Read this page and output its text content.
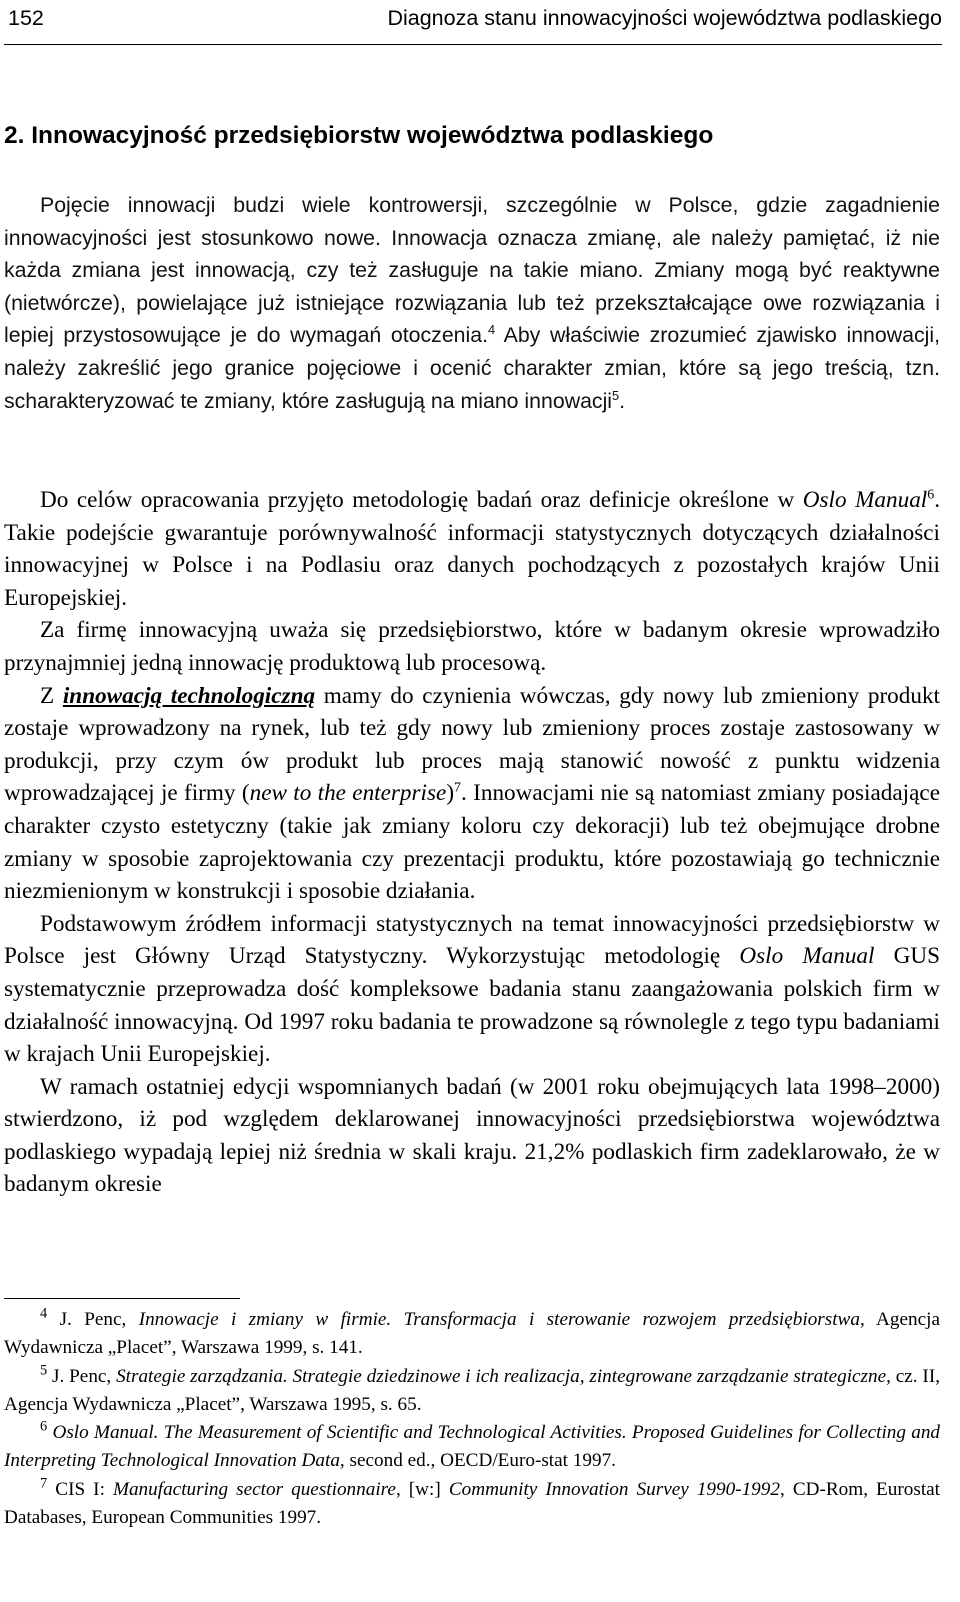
152	Diagnoza stanu innowacyjności województwa podlaskiego
2. Innowacyjność przedsiębiorstw województwa podlaskiego

Pojęcie innowacji budzi wiele kontrowersji, szczególnie w Polsce, gdzie zagadnienie innowacyjności jest stosunkowo nowe. Innowacja oznacza zmianę, ale należy pamiętać, iż nie każda zmiana jest innowacją, czy też zasługuje na takie miano. Zmiany mogą być reaktywne (nietwórcze), powielające już istniejące rozwiązania lub też przekształcające owe rozwiązania i lepiej przystosowujące je do wymagań otoczenia.$^4$ Aby właściwie zrozumieć zjawisko innowacji, należy zakreślić jego granice pojęciowe i ocenić charakter zmian, które są jego treścią, tzn. scharakteryzować te zmiany, które zasługują na miano innowacji$^5$.

Do celów opracowania przyjęto metodologię badań oraz definicje określone w Oslo Manual$^6$. Takie podejście gwarantuje porównywalność informacji statystycznych dotyczących działalności innowacyjnej w Polsce i na Podlasiu oraz danych pochodzących z pozostałych krajów Unii Europejskiej.

Za firmę innowacyjną uważa się przedsiębiorstwo, które w badanym okresie wprowadziło przynajmniej jedną innowację produktową lub procesową.

Z innowacją technologiczną mamy do czynienia wówczas, gdy nowy lub zmieniony produkt zostaje wprowadzony na rynek, lub też gdy nowy lub zmieniony proces zostaje zastosowany w produkcji, przy czym ów produkt lub proces mają stanowić nowość z punktu widzenia wprowadzającej je firmy (new to the enterprise)$^7$. Innowacjami nie są natomiast zmiany posiadające charakter czysto estetyczny (takie jak zmiany koloru czy dekoracji) lub też obejmujące drobne zmiany w sposobie zaprojektowania czy prezentacji produktu, które pozostawiają go technicznie niezmienionym w konstrukcji i sposobie działania.

Podstawowym źródłem informacji statystycznych na temat innowacyjności przedsiębiorstw w Polsce jest Główny Urząd Statystyczny. Wykorzystując metodologię Oslo Manual GUS systematycznie przeprowadza dość kompleksowe badania stanu zaangażowania polskich firm w działalność innowacyjną. Od 1997 roku badania te prowadzone są równolegle z tego typu badaniami w krajach Unii Europejskiej.

W ramach ostatniej edycji wspomnianych badań (w 2001 roku obejmujących lata 1998–2000) stwierdzono, iż pod względem deklarowanej innowacyjności przedsiębiorstwa województwa podlaskiego wypadają lepiej niż średnia w skali kraju. 21,2% podlaskich firm zadeklarowało, że w badanym okresie

$^4$ J. Penc, Innowacje i zmiany w firmie. Transformacja i sterowanie rozwojem przedsiębiorstwa, Agencja Wydawnicza „Placet”, Warszawa 1999, s. 141.

$^5$ J. Penc, Strategie zarządzania. Strategie dziedzinowe i ich realizacja, zintegrowane zarządzanie strategiczne, cz. II, Agencja Wydawnicza „Placet”, Warszawa 1995, s. 65.

$^6$ Oslo Manual. The Measurement of Scientific and Technological Activities. Proposed Guidelines for Collecting and Interpreting Technological Innovation Data, second ed., OECD/Euro-stat 1997.

$^7$ CIS I: Manufacturing sector questionnaire, [w:] Community Innovation Survey 1990-1992, CD-Rom, Eurostat Databases, European Communities 1997.
